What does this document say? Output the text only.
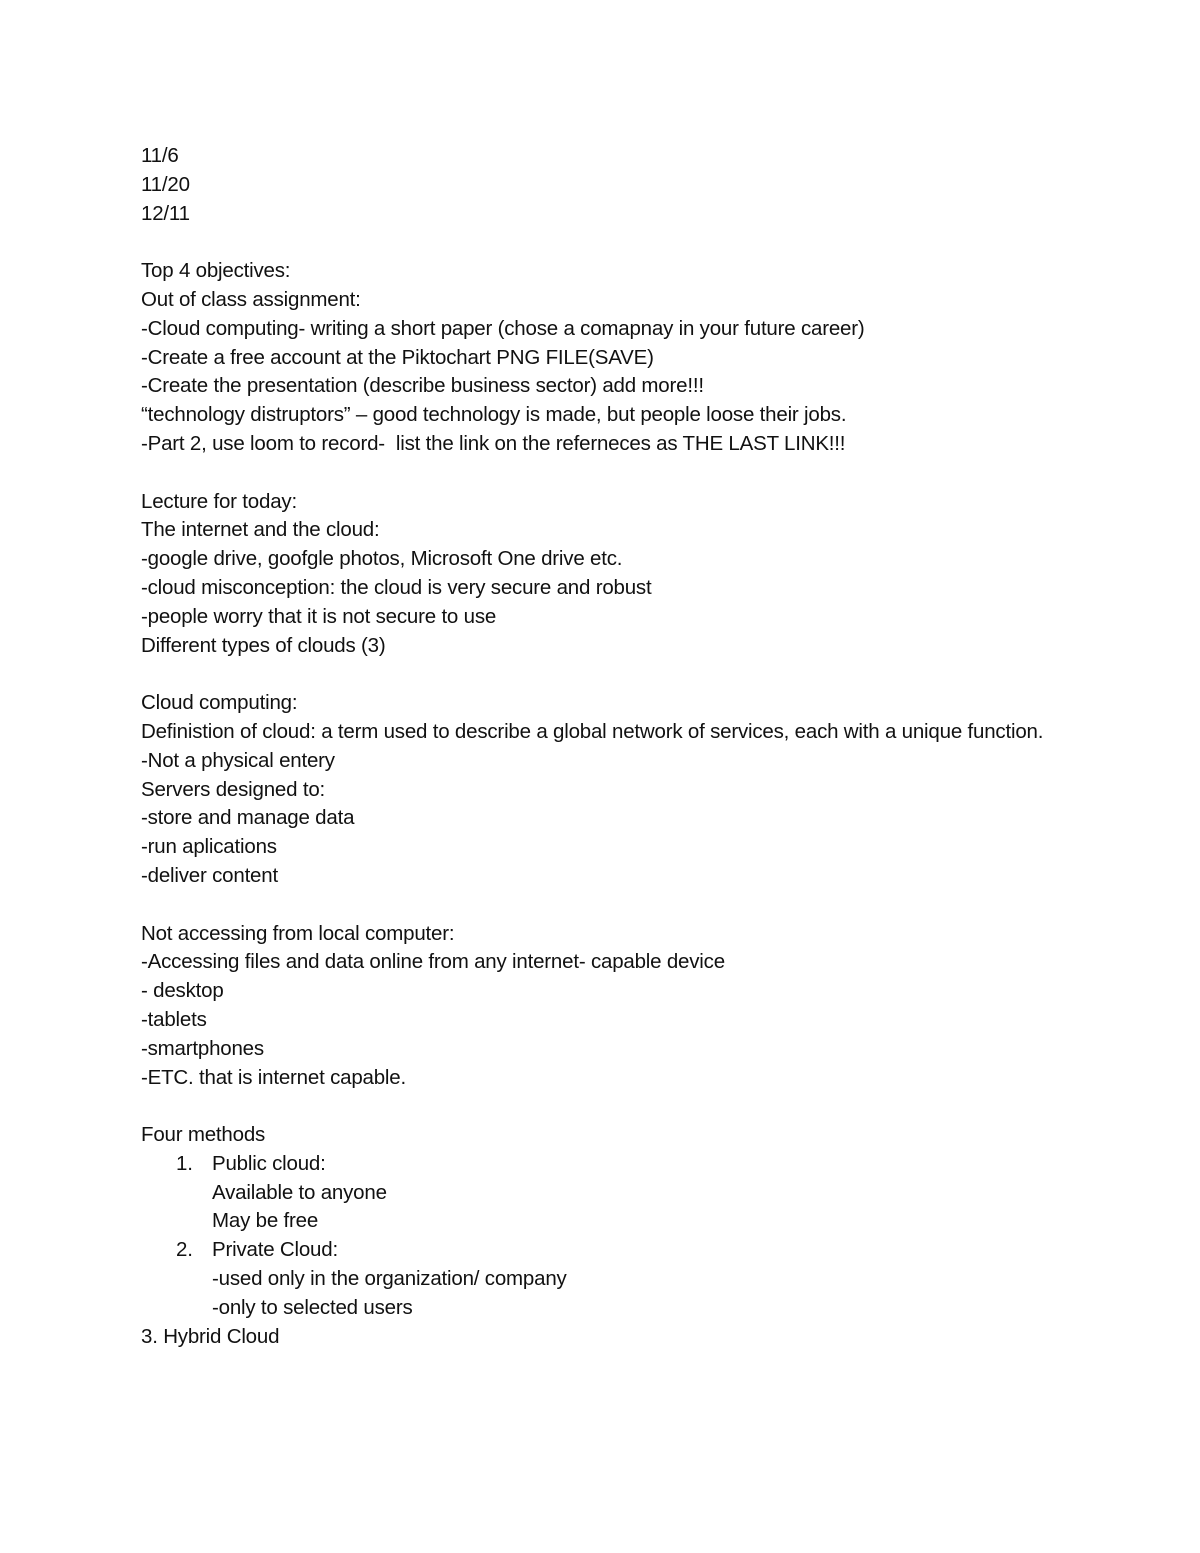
11/6
11/20
12/11
Top 4 objectives:
Out of class assignment:
-Cloud computing- writing a short paper (chose a comapnay in your future career)
-Create a free account at the Piktochart PNG FILE(SAVE)
-Create the presentation (describe business sector) add more!!!
“technology distruptors” – good technology is made, but people loose their jobs.
-Part 2, use loom to record-  list the link on the referneces as THE LAST LINK!!!
Lecture for today:
The internet and the cloud:
-google drive, goofgle photos, Microsoft One drive etc.
-cloud misconception: the cloud is very secure and robust
-people worry that it is not secure to use
Different types of clouds (3)
Cloud computing:
Definistion of cloud: a term used to describe a global network of services, each with a unique function.
-Not a physical entery
Servers designed to:
-store and manage data
-run aplications
-deliver content
Not accessing from local computer:
-Accessing files and data online from any internet- capable device
- desktop
-tablets
-smartphones
-ETC. that is internet capable.
Four methods
1. Public cloud:
Available to anyone
May be free
2. Private Cloud:
-used only in the organization/ company
-only to selected users
3. Hybrid Cloud
